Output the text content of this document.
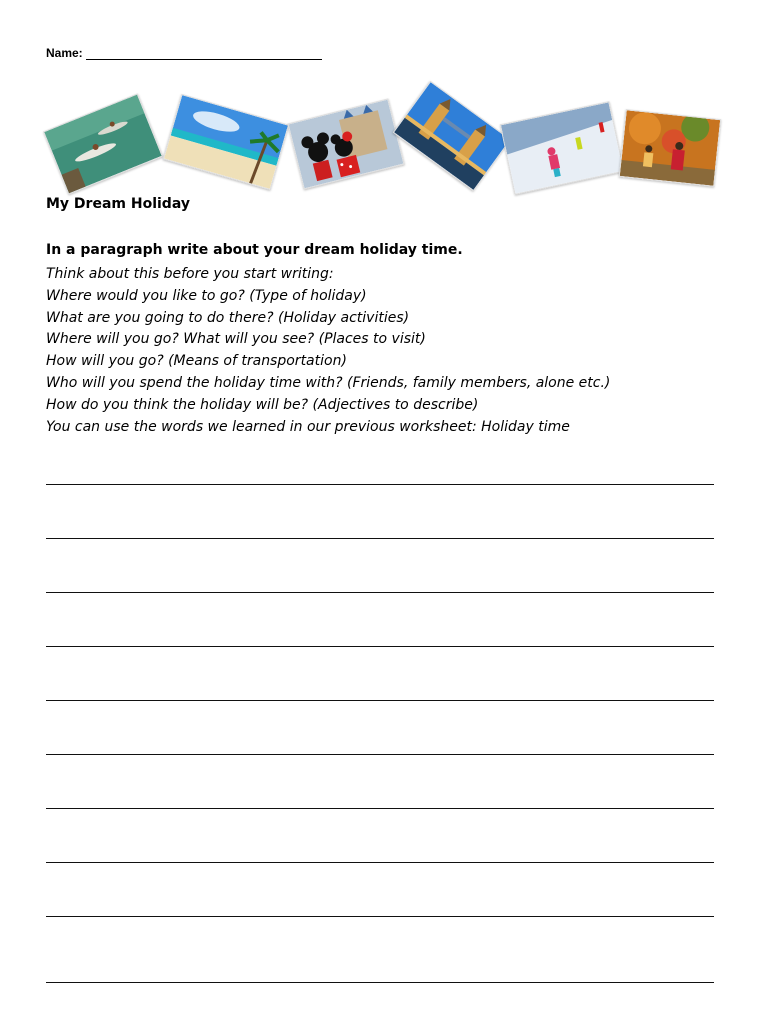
Name:
My Dream Holiday
In a paragraph write about your dream holiday time.
Think about this before you start writing:
Where would you like to go? (Type of holiday)
What are you going to do there? (Holiday activities)
Where will you go? What will you see? (Places to visit)
How will you go? (Means of transportation)
Who will you spend the holiday time with? (Friends, family members, alone etc.)
How do you think the holiday will be? (Adjectives to describe)
You can use the words we learned in our previous worksheet: Holiday time
